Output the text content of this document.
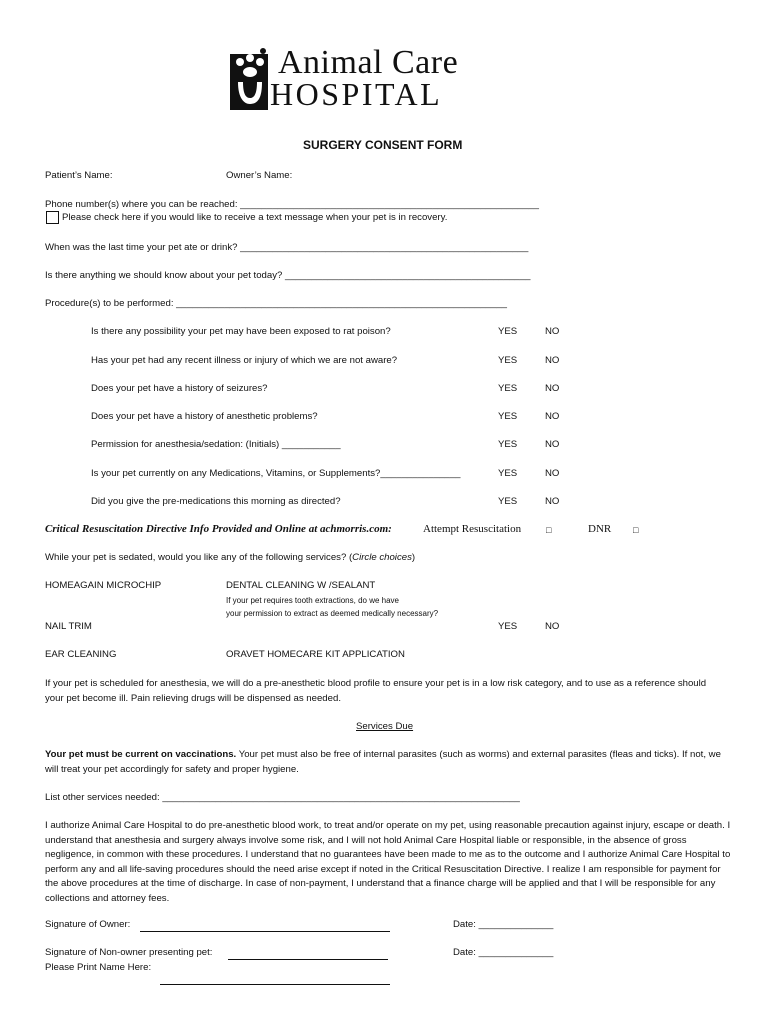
Animal Care
HOSPITAL
SURGERY CONSENT FORM
Patient’s Name:	Owner’s Name:
Phone number(s) where you can be reached: ________________________________________________________
Please check here if you would like to receive a text message when your pet is in recovery.
When was the last time your pet ate or drink? ______________________________________________________
Is there anything we should know about your pet today? ______________________________________________
Procedure(s) to be performed: ______________________________________________________________
Is there any possibility your pet may have been exposed to rat poison?	YES	NO
Has your pet had any recent illness or injury of which we are not aware?	YES	NO
Does your pet have a history of seizures?	YES	NO
Does your pet have a history of anesthetic problems?	YES	NO
Permission for anesthesia/sedation: (Initials) ___________	YES	NO
Is your pet currently on any Medications, Vitamins, or Supplements?_______________	YES	NO
Did you give the pre-medications this morning as directed?	YES	NO
Critical Resuscitation Directive Info Provided and Online at achmorris.com:	Attempt Resuscitation	□	DNR □
While your pet is sedated, would you like any of the following services? (Circle choices)
HOMEAGAIN MICROCHIP	DENTAL CLEANING W /SEALANT
If your pet requires tooth extractions, do we have
your permission to extract as deemed medically necessary?
NAIL TRIM	YES	NO
EAR CLEANING	ORAVET HOMECARE KIT APPLICATION
If your pet is scheduled for anesthesia, we will do a pre-anesthetic blood profile to ensure your pet is in a low risk category, and to use as a reference should your pet become ill. Pain relieving drugs will be dispensed as needed.
Services Due
Your pet must be current on vaccinations. Your pet must also be free of internal parasites (such as worms) and external parasites (fleas and ticks). If not, we will treat your pet accordingly for safety and proper hygiene.
List other services needed: ___________________________________________________________________
I authorize Animal Care Hospital to do pre-anesthetic blood work, to treat and/or operate on my pet, using reasonable precaution against injury, escape or death. I understand that anesthesia and surgery always involve some risk, and I will not hold Animal Care Hospital liable or responsible, in the absence of gross negligence, in common with these procedures. I understand that no guarantees have been made to me as to the outcome and I authorize Animal Care Hospital to perform any and all life-saving procedures should the need arise except if noted in the Critical Resuscitation Directive. I realize I am responsible for payment for the above procedures at the time of discharge. In case of non-payment, I understand that a finance charge will be applied and that I will be responsible for any collections and attorney fees.
Signature of Owner:	Date: ______________
Signature of Non-owner presenting pet:	Date: ______________
Please Print Name Here:
